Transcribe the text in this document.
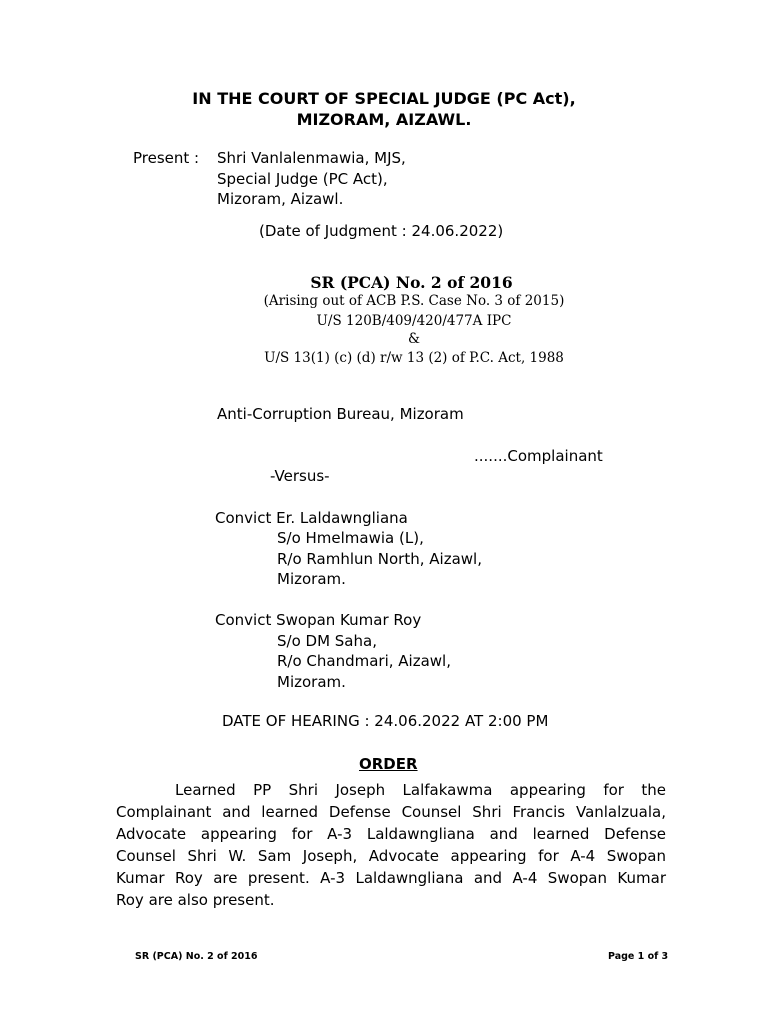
IN THE COURT OF SPECIAL JUDGE (PC Act),
MIZORAM, AIZAWL.
Present : Shri Vanlalenmawia, MJS,
Special Judge (PC Act),
Mizoram, Aizawl.
(Date of Judgment : 24.06.2022)
SR (PCA) No. 2 of 2016
(Arising out of ACB P.S. Case No. 3 of 2015)
U/S 120B/409/420/477A IPC
&
U/S 13(1) (c) (d) r/w 13 (2) of P.C. Act, 1988
Anti-Corruption Bureau, Mizoram
.......Complainant
-Versus-
Convict Er. Laldawngliana
S/o Hmelmawia (L),
R/o Ramhlun North, Aizawl,
Mizoram.
Convict Swopan Kumar Roy
S/o DM Saha,
R/o Chandmari, Aizawl,
Mizoram.
DATE OF HEARING : 24.06.2022 AT 2:00 PM
ORDER
Learned PP Shri Joseph Lalfakawma appearing for the
Complainant and learned Defense Counsel Shri Francis Vanlalzuala,
Advocate appearing for A-3 Laldawngliana and learned Defense
Counsel Shri W. Sam Joseph, Advocate appearing for A-4 Swopan
Kumar Roy are present. A-3 Laldawngliana and A-4 Swopan Kumar
Roy are also present.
SR (PCA) No. 2 of 2016	Page 1 of 3
